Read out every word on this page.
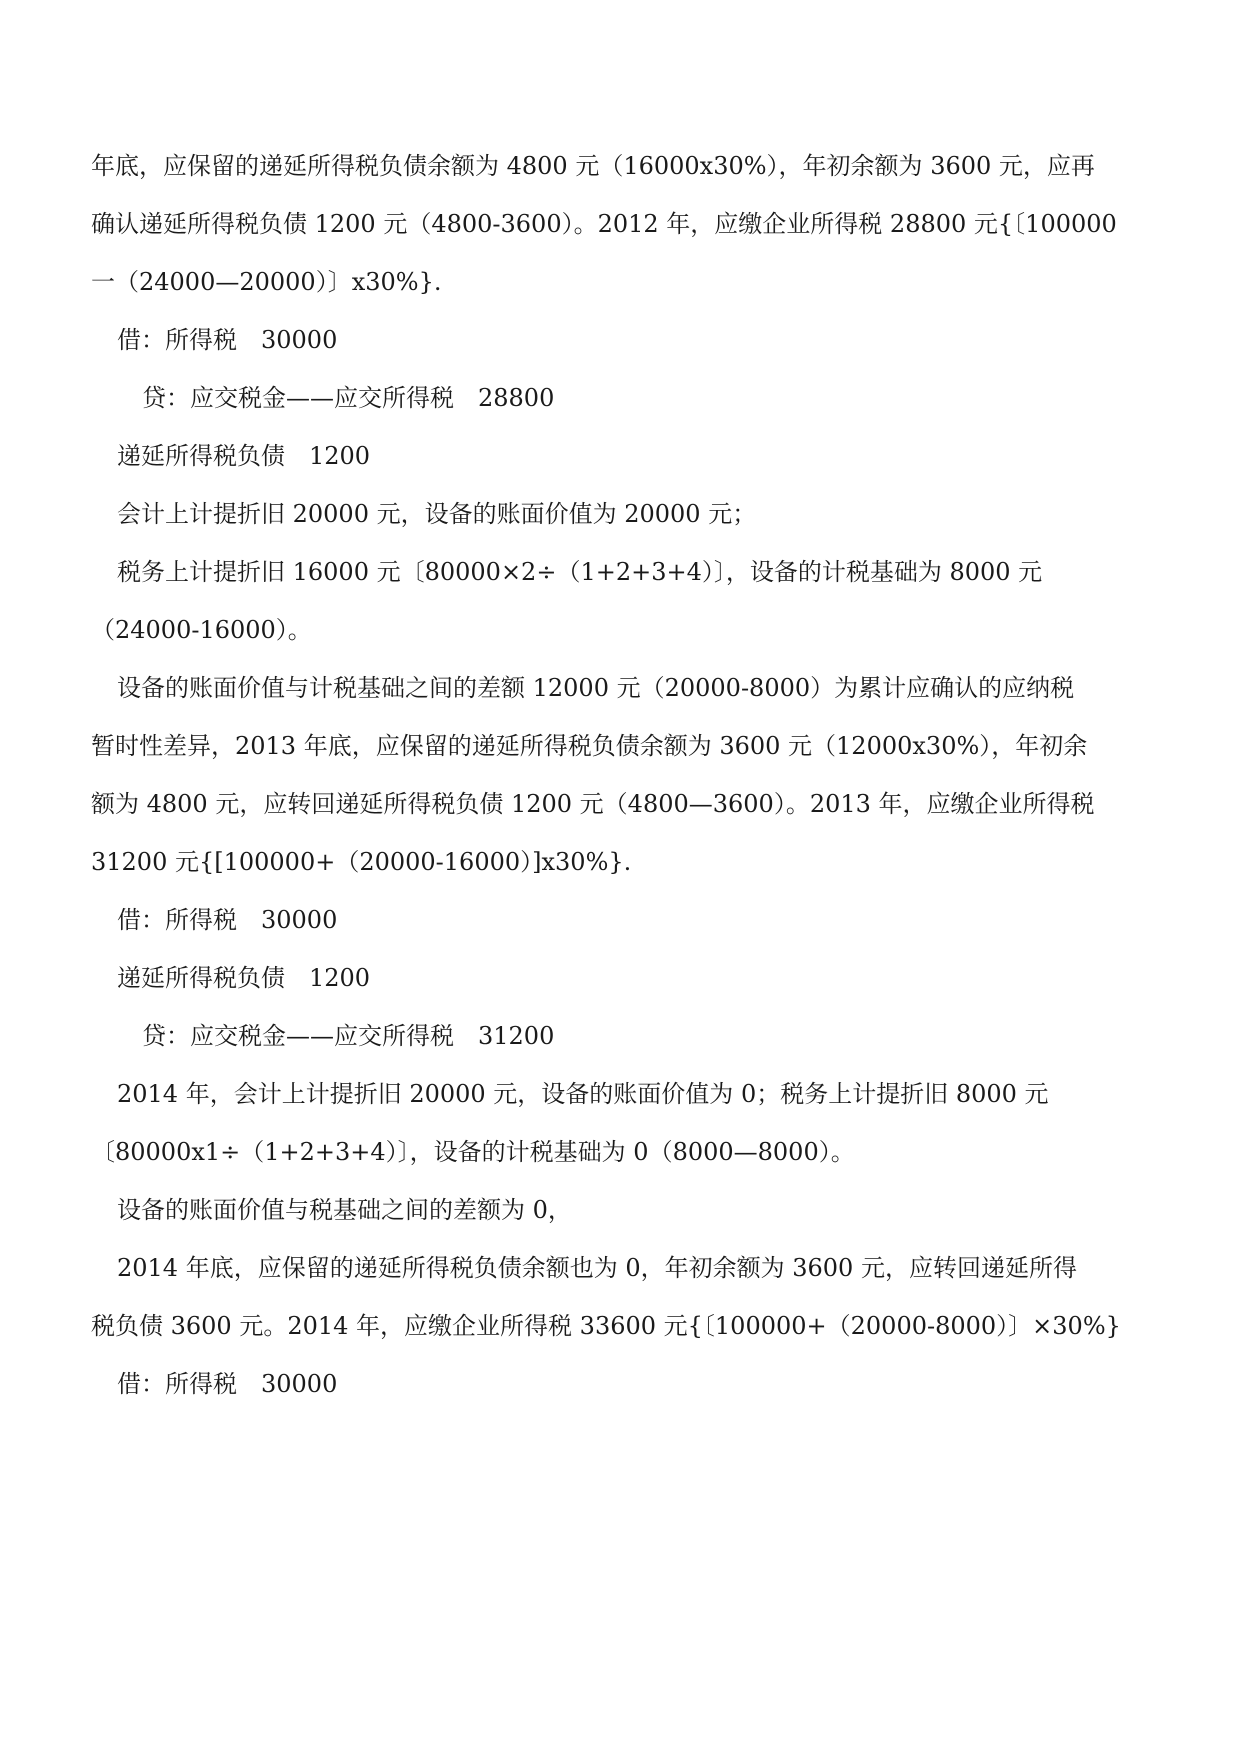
年底，应保留的递延所得税负债余额为 4800 元（16000x30%），年初余额为 3600 元，应再
确认递延所得税负债 1200 元（4800-3600）。2012 年，应缴企业所得税 28800 元{〔100000
一（24000—20000）〕x30%}.
借：所得税　30000
贷：应交税金——应交所得税　28800
递延所得税负债　1200
会计上计提折旧 20000 元，设备的账面价值为 20000 元；
税务上计提折旧 16000 元〔80000×2÷（1+2+3+4）〕，设备的计税基础为 8000 元
（24000-16000）。
设备的账面价值与计税基础之间的差额 12000 元（20000-8000）为累计应确认的应纳税
暂时性差异，2013 年底，应保留的递延所得税负债余额为 3600 元（12000x30%），年初余
额为 4800 元，应转回递延所得税负债 1200 元（4800—3600）。2013 年，应缴企业所得税
31200 元{[100000+（20000-16000）]x30%}.
借：所得税　30000
递延所得税负债　1200
贷：应交税金——应交所得税　31200
2014 年，会计上计提折旧 20000 元，设备的账面价值为 0；税务上计提折旧 8000 元
〔80000x1÷（1+2+3+4）〕，设备的计税基础为 0（8000—8000）。
设备的账面价值与税基础之间的差额为 0，
2014 年底，应保留的递延所得税负债余额也为 0，年初余额为 3600 元，应转回递延所得
税负债 3600 元。2014 年，应缴企业所得税 33600 元{〔100000+（20000-8000）〕×30%}
借：所得税　30000
